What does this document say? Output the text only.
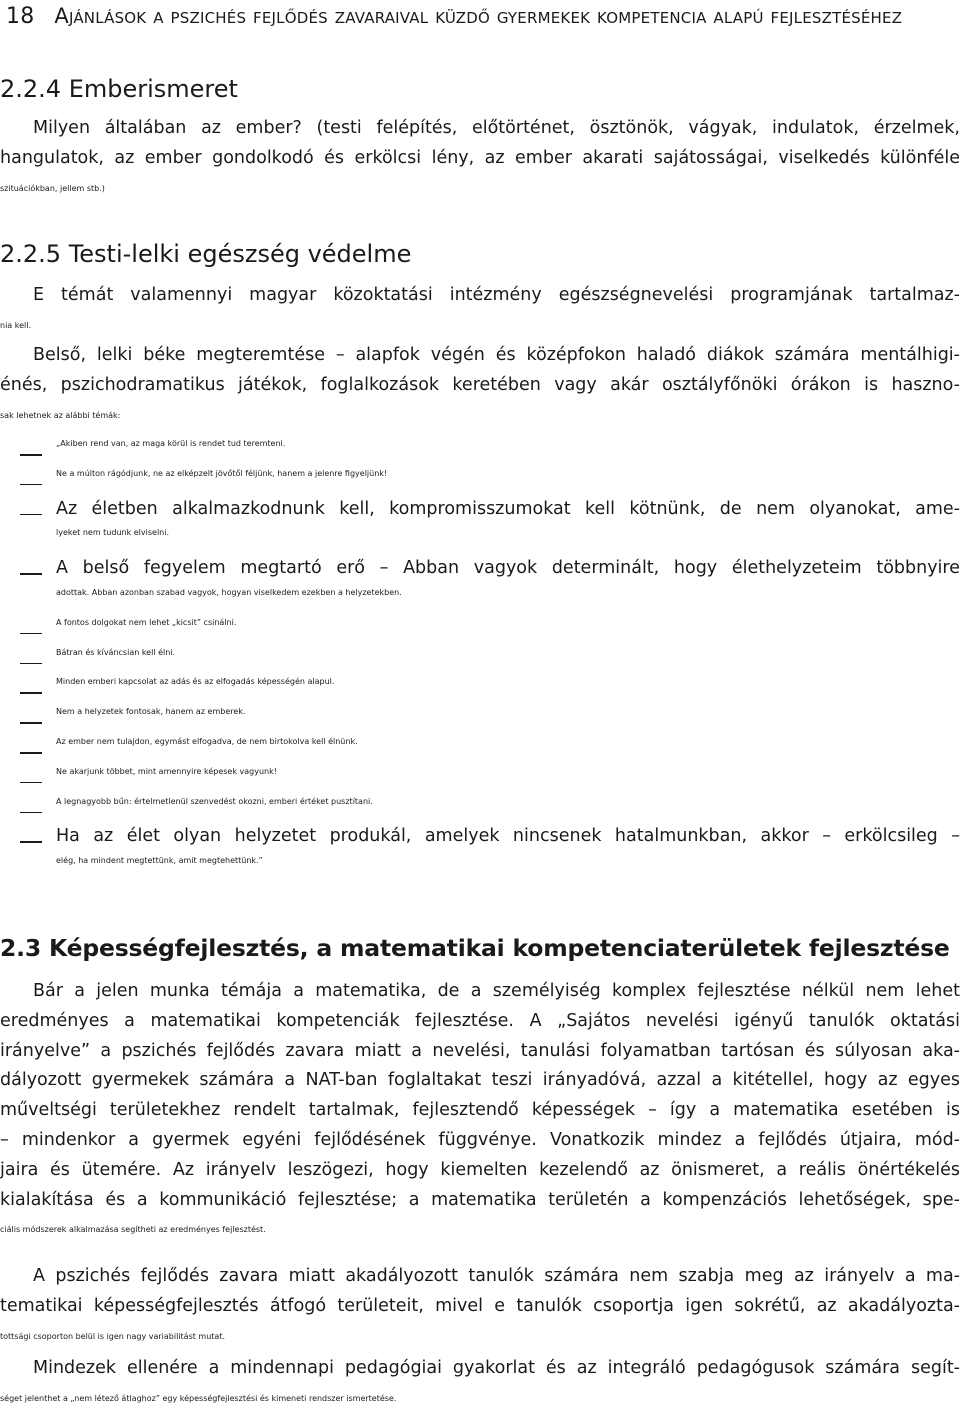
18 Ajánlások a pszichés fejlődés zavaraival küzdő gyermekek kompetencia alapú fejlesztéséhez
2.2.4 Emberismeret
Milyen általában az ember? (testi felépítés, előtörténet, ösztönök, vágyak, indulatok, érzelmek,
hangulatok, az ember gondolkodó és erkölcsi lény, az ember akarati sajátosságai, viselkedés különféle
szituációkban, jellem stb.)
2.2.5 Testi-lelki egészség védelme
E témát valamennyi magyar közoktatási intézmény egészségnevelési programjának tartalmaz-
nia kell.
Belső, lelki béke megteremtése – alapfok végén és középfokon haladó diákok számára mentálhigi-
énés, pszichodramatikus játékok, foglalkozások keretében vagy akár osztályfőnöki órákon is haszno-
sak lehetnek az alábbi témák:
„Akiben rend van, az maga körül is rendet tud teremteni.
Ne a múlton rágódjunk, ne az elképzelt jövőtől féljünk, hanem a jelenre figyeljünk!
Az életben alkalmazkodnunk kell, kompromisszumokat kell kötnünk, de nem olyanokat, ame-
lyeket nem tudunk elviselni.
A belső fegyelem megtartó erő – Abban vagyok determinált, hogy élethelyzeteim többnyire
adottak. Abban azonban szabad vagyok, hogyan viselkedem ezekben a helyzetekben.
A fontos dolgokat nem lehet „kicsit” csinálni.
Bátran és kíváncsian kell élni.
Minden emberi kapcsolat az adás és az elfogadás képességén alapul.
Nem a helyzetek fontosak, hanem az emberek.
Az ember nem tulajdon, egymást elfogadva, de nem birtokolva kell élnünk.
Ne akarjunk többet, mint amennyire képesek vagyunk!
A legnagyobb bűn: értelmetlenül szenvedést okozni, emberi értéket pusztítani.
Ha az élet olyan helyzetet produkál, amelyek nincsenek hatalmunkban, akkor – erkölcsileg –
elég, ha mindent megtettünk, amit megtehettünk.”
2.3 Képességfejlesztés, a matematikai kompetenciaterületek fejlesztése
Bár a jelen munka témája a matematika, de a személyiség komplex fejlesztése nélkül nem lehet
eredményes a matematikai kompetenciák fejlesztése. A „Sajátos nevelési igényű tanulók oktatási
irányelve” a pszichés fejlődés zavara miatt a nevelési, tanulási folyamatban tartósan és súlyosan aka-
dályozott gyermekek számára a NAT-ban foglaltakat teszi irányadóvá, azzal a kitétellel, hogy az egyes
műveltségi területekhez rendelt tartalmak, fejlesztendő képességek – így a matematika esetében is
– mindenkor a gyermek egyéni fejlődésének függvénye. Vonatkozik mindez a fejlődés útjaira, mód-
jaira és ütemére. Az irányelv leszögezi, hogy kiemelten kezelendő az önismeret, a reális önértékelés
kialakítása és a kommunikáció fejlesztése; a matematika területén a kompenzációs lehetőségek, spe-
ciális módszerek alkalmazása segítheti az eredményes fejlesztést.
A pszichés fejlődés zavara miatt akadályozott tanulók számára nem szabja meg az irányelv a ma-
tematikai képességfejlesztés átfogó területeit, mivel e tanulók csoportja igen sokrétű, az akadályozta-
tottsági csoporton belül is igen nagy variabilitást mutat.
Mindezek ellenére a mindennapi pedagógiai gyakorlat és az integráló pedagógusok számára segít-
séget jelenthet a „nem létező átlaghoz” egy képességfejlesztési és kimeneti rendszer ismertetése.
